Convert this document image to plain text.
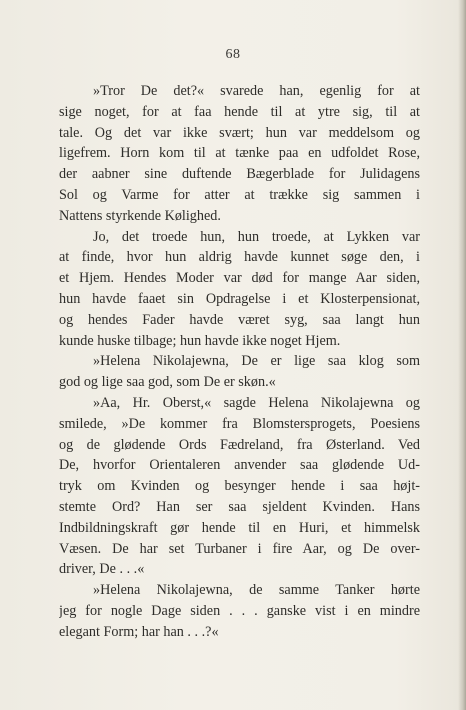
68
»Tror De det?« svarede han, egenlig for at
sige noget, for at faa hende til at ytre sig, til at
tale. Og det var ikke svært; hun var meddelsom og
ligefrem. Horn kom til at tænke paa en udfoldet Rose,
der aabner sine duftende Bægerblade for Julidagens
Sol og Varme for atter at trække sig sammen i
Nattens styrkende Kølighed.
Jo, det troede hun, hun troede, at Lykken var
at finde, hvor hun aldrig havde kunnet søge den, i
et Hjem. Hendes Moder var død for mange Aar siden,
hun havde faaet sin Opdragelse i et Klosterpensionat,
og hendes Fader havde været syg, saa langt hun
kunde huske tilbage; hun havde ikke noget Hjem.
»Helena Nikolajewna, De er lige saa klog som
god og lige saa god, som De er skøn.«
»Aa, Hr. Oberst,« sagde Helena Nikolajewna og
smilede, »De kommer fra Blomstersprogets, Poesiens
og de glødende Ords Fædreland, fra Østerland. Ved
De, hvorfor Orientaleren anvender saa glødende Ud-
tryk om Kvinden og besynger hende i saa højt-
stemte Ord? Han ser saa sjeldent Kvinden. Hans
Indbildningskraft gør hende til en Huri, et himmelsk
Væsen. De har set Turbaner i fire Aar, og De over-
driver, De . . .«
»Helena Nikolajewna, de samme Tanker hørte
jeg for nogle Dage siden . . . ganske vist i en mindre
elegant Form; har han . . .?«
